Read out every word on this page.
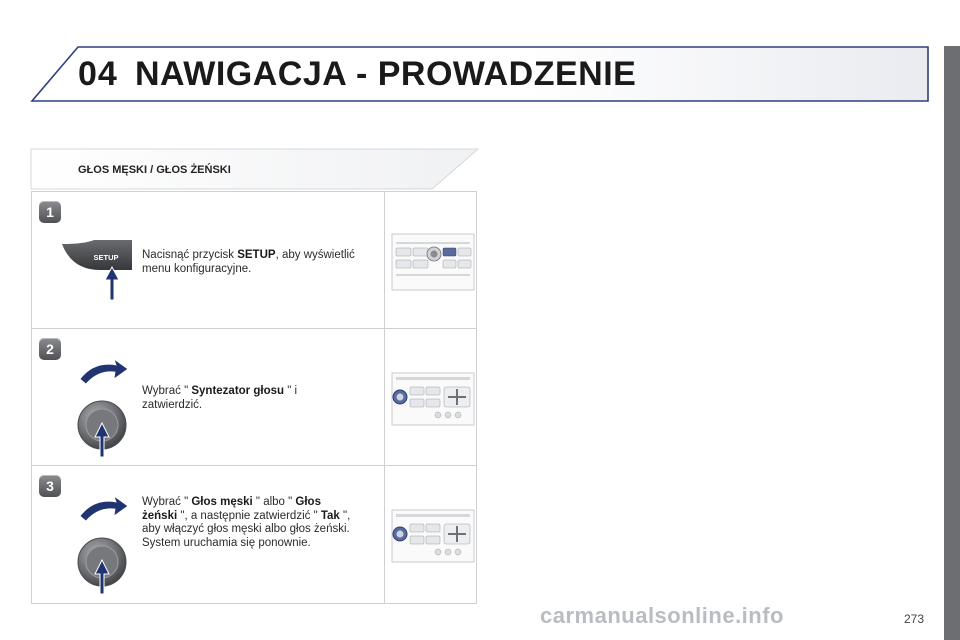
04 NAWIGACJA - PROWADZENIE
GŁOS MĘSKI / GŁOS ŻEŃSKI
1
SETUP Nacisnąć przycisk SETUP, aby wyświetlić menu konfiguracyjne.
2
Wybrać " Syntezator głosu " i zatwierdzić.
3
Wybrać " Głos męski " albo " Głos żeński ", a następnie zatwierdzić " Tak ", aby włączyć głos męski albo głos żeński. System uruchamia się ponownie.
carmanualsonline.info	273
